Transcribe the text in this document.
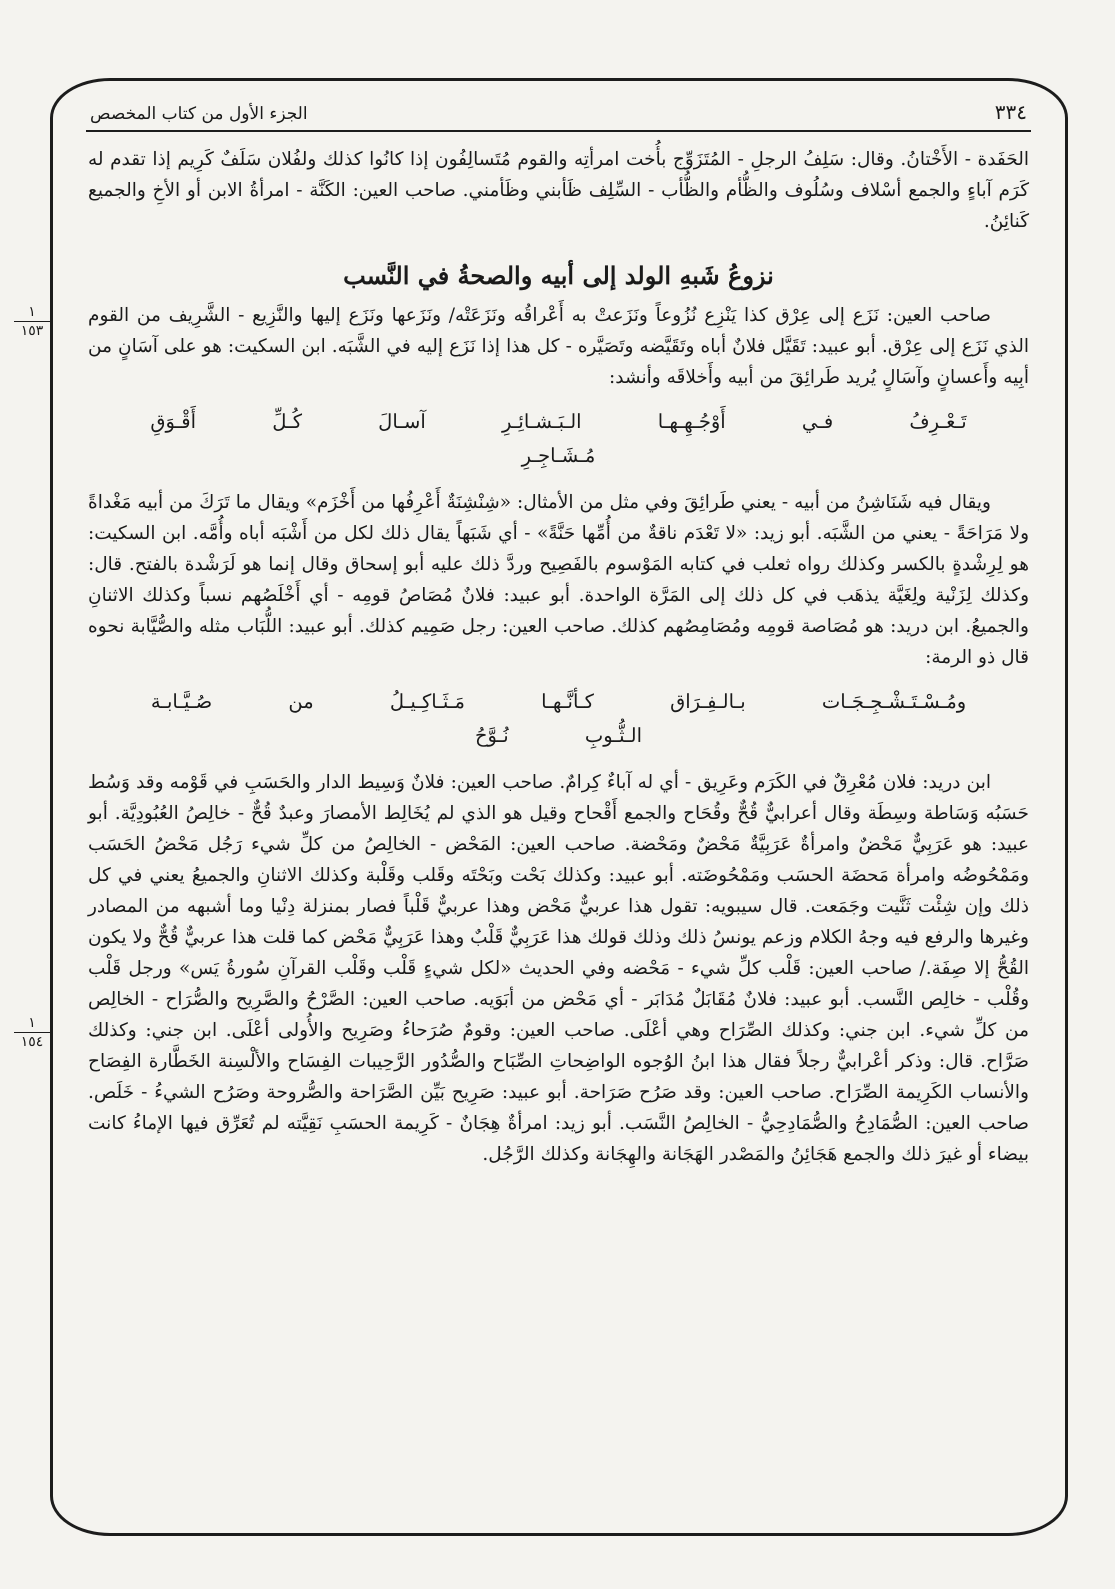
٣٣٤
الجزء الأول من كتاب المخصص

الحَفَدة - الأَخْتانُ. وقال: سَلِفُ الرجلِ - المُتَزَوِّج بأُخت امرأتِه والقوم مُتَسالِفُون إذا كانُوا كذلك ولفُلان سَلَفٌ كَرِيم إذا تقدم له كَرَم آباءٍ والجمع أسْلاف وسُلُوف والظُّأم والظُّأب - السِّلِف ظَأبني وظَأمني. صاحب العين: الكَنَّة - امرأةُ الابن أو الأخِ والجميع كَنائِنُ.

نزوعُ شَبهِ الولد إلى أبيه والصحةُ في النَّسب
١
١٥٣

صاحب العين: نَزَع إلى عِرْق كذا يَنْزِع نُزُوعاً ونَزَعتْ به أَعْراقُه ونَزَعَتْه/ ونَزَعها ونَزَع إليها والنَّزِيع - الشَّرِيف من القوم الذي نَزَع إلى عِرْق. أبو عبيد: تَقَيَّل فلانٌ أباه وتَقَيَّضه وتَصَيَّره - كل هذا إذا نَزَع إليه في الشَّبَه. ابن السكيت: هو على آسَانٍ من أبِيه وأَعسانٍ وآسَالٍ يُريد طَرائِقَ من أبيه وأَخلاقَه وأنشد:

تَـعْـرِفُ فـي أَوْجُـهِـهـا الـبَـشـائِـرِ آسـالَ كُـلِّ أَقْـوَقِ مُـشَـاجِـرِ

ويقال فيه شَنَاشِنُ من أبيه - يعني طَرائِقَ وفي مثل من الأمثال: «شِنْشِنَةٌ أَعْرِفُها من أَخْزَم» ويقال ما تَرَكَ من أبيه مَغْداةً ولا مَرَاحَةً - يعني من الشَّبَه. أبو زيد: «لا تَعْدَم ناقةٌ من أُمِّها حَنَّةً» - أي شَبَهاً يقال ذلك لكل من أَشْبَه أباه وأُمَّه. ابن السكيت: هو لِرِشْدةٍ بالكسر وكذلك رواه ثعلب في كتابه المَوْسوم بالفَصِيح وردَّ ذلك عليه أبو إسحاق وقال إنما هو لَرَشْدة بالفتح. قال: وكذلك لِزَنْية ولِغَيَّة يذهَب في كل ذلك إلى المَرَّة الواحدة. أبو عبيد: فلانٌ مُصَاصُ قومِه - أي أَخْلَصُهم نسباً وكذلك الاثنانِ والجميعُ. ابن دريد: هو مُصَاصة قومِه ومُصَامِصُهم كذلك. صاحب العين: رجل صَمِيم كذلك. أبو عبيد: اللُّبَاب مثله والصُّيَّابة نحوه قال ذو الرمة:

ومُـسْـتَـشْـجِـجَـات بـالـفِـرَاق كـأنَّـهـا مَـثَـاكِـيـلُ من صُـيَّـابـة الـثُّـوبِ نُـوَّحُ
١
١٥٤

ابن دريد: فلان مُعْرِقٌ في الكَرَم وعَرِيق - أي له آباءٌ كِرامٌ. صاحب العين: فلانٌ وَسِيط الدار والحَسَبِ في قَوْمه وقد وَسُط حَسَبُه وَسَاطة وسِطَة وقال أعرابيٌّ قُحٌّ وقُحَاح والجمع أَقْحاح وقيل هو الذي لم يُخَالِط الأمصارَ وعبدٌ قُحٌّ - خالِصُ العُبُودِيَّة. أبو عبيد: هو عَرَبِيٌّ مَحْضٌ وامرأةٌ عَرَبِيَّةٌ مَحْضٌ ومَحْضة. صاحب العين: المَحْض - الخالِصُ من كلِّ شيء رَجُل مَحْضُ الحَسَب ومَمْحُوضُه وامرأة مَحضَة الحسَب ومَمْحُوضَته. أبو عبيد: وكذلك بَحْت وبَحْتَه وقَلب وقَلْبة وكذلك الاثنانِ والجميعُ يعني في كل ذلك وإن شِئْت ثَنَّيت وجَمَعت. قال سيبويه: تقول هذا عربيٌّ مَحْض وهذا عربيٌّ قَلْباً فصار بمنزلة دِنْيا وما أشبهه من المصادر وغيرها والرفع فيه وجهُ الكلام وزعم يونسُ ذلك وذلك قولك هذا عَرَبِيٌّ قَلْبٌ وهذا عَرَبِيٌّ مَحْض كما قلت هذا عربيٌّ قُحٌّ ولا يكون القُحُّ إلا صِفَة./ صاحب العين: قَلْب كلِّ شيء - مَحْضه وفي الحديث «لكل شيءٍ قَلْب وقَلْب القرآنِ سُورةُ يَس» ورجل قَلْب وقُلْب - خالِص النَّسب. أبو عبيد: فلانٌ مُقَابَلٌ مُدَابَر - أي مَحْض من أبَوَيه. صاحب العين: الصَّرْحُ والصَّرِيح والصُّرَاح - الخالِص من كلِّ شيء. ابن جني: وكذلك الصِّرَاح وهي أعْلَى. صاحب العين: وقومٌ صُرَحاءُ وصَرِيح والأُولى أعْلَى. ابن جني: وكذلك صَرَّاح. قال: وذكر أعْرابيٌّ رجلاً فقال هذا ابنُ الوُجوه الواضِحاتِ الصِّبَاح والصُّدُور الرَّحِيبات الفِسَاح والألْسِنة الخَطَّارة الفِصَاح والأنساب الكَرِيمة الصِّرَاح. صاحب العين: وقد صَرُح صَرَاحة. أبو عبيد: صَرِيح بَيِّن الصَّرَاحة والصُّروحة وصَرُح الشيءُ - خَلَص. صاحب العين: الصُّمَادِحُ والصُّمَادِحِيُّ - الخالِصُ النَّسَب. أبو زيد: امرأةٌ هِجَانٌ - كَرِيمة الحسَبِ نَقِيَّته لم تُعَرِّق فيها الإماءُ كانت بيضاء أو غيرَ ذلك والجمع هَجَائِنُ والمَصْدر الهَجَانة والهِجَانة وكذلك الرَّجُل.
